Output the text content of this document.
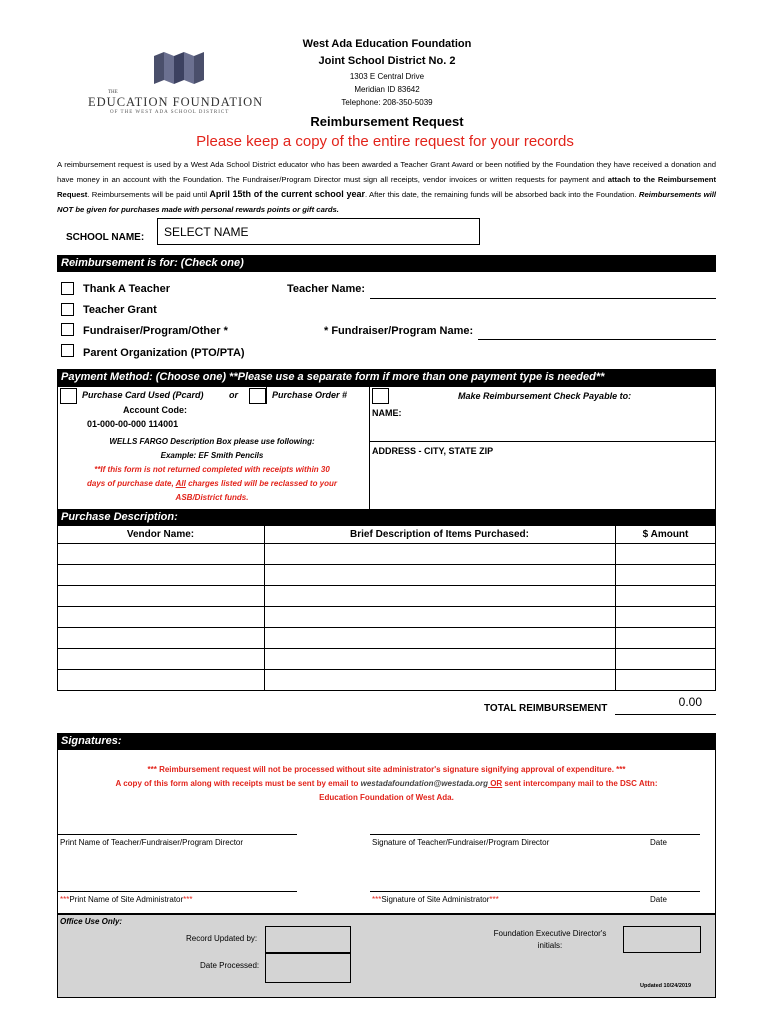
THE
EDUCATION FOUNDATION
OF THE WEST ADA SCHOOL DISTRICT
West Ada Education Foundation
Joint School District No. 2
1303 E Central Drive
Meridian ID 83642
Telephone: 208-350-5039
Reimbursement Request
Please keep a copy of the entire request for your records
A reimbursement request is used by a West Ada School District educator who has been awarded a Teacher Grant Award or been notified by the Foundation they have received a donation and have money in an account with the Foundation. The Fundraiser/Program Director must sign all receipts, vendor invoices or written requests for payment and attach to the Reimbursement Request. Reimbursements will be paid until April 15th of the current school year. After this date, the remaining funds will be absorbed back into the Foundation. Reimbursements will NOT be given for purchases made with personal rewards points or gift cards.
SCHOOL NAME:	SELECT NAME
Reimbursement is for: (Check one)
Thank A Teacher
Teacher Grant
Fundraiser/Program/Other *
Parent Organization (PTO/PTA)
Teacher Name:
* Fundraiser/Program Name:
Payment Method: (Choose one) **Please use a separate form if more than one payment type is needed**
Purchase Card Used (Pcard)	or	Purchase Order #	Make Reimbursement Check Payable to:
Account Code:
01-000-00-000 114001
NAME:
WELLS FARGO Description Box please use following:
Example: EF Smith Pencils
**If this form is not returned completed with receipts within 30
days of purchase date, All charges listed will be reclassed to your
ASB/District funds.
ADDRESS - CITY, STATE ZIP
Purchase Description:
Vendor Name:	Brief Description of Items Purchased:	$ Amount
TOTAL REIMBURSEMENT	0.00
Signatures:
*** Reimbursement request will not be processed without site administrator's signature signifying approval of expenditure. ***
A copy of this form along with receipts must be sent by email to westadafoundation@westada.org OR sent intercompany mail to the DSC Attn:
Education Foundation of West Ada.
Print Name of Teacher/Fundraiser/Program Director	Signature of Teacher/Fundraiser/Program Director	Date
***Print Name of Site Administrator***	***Signature of Site Administrator***	Date
Office Use Only:
Record Updated by:
Date Processed:
Foundation Executive Director's
initials:
Updated 10/24/2019
